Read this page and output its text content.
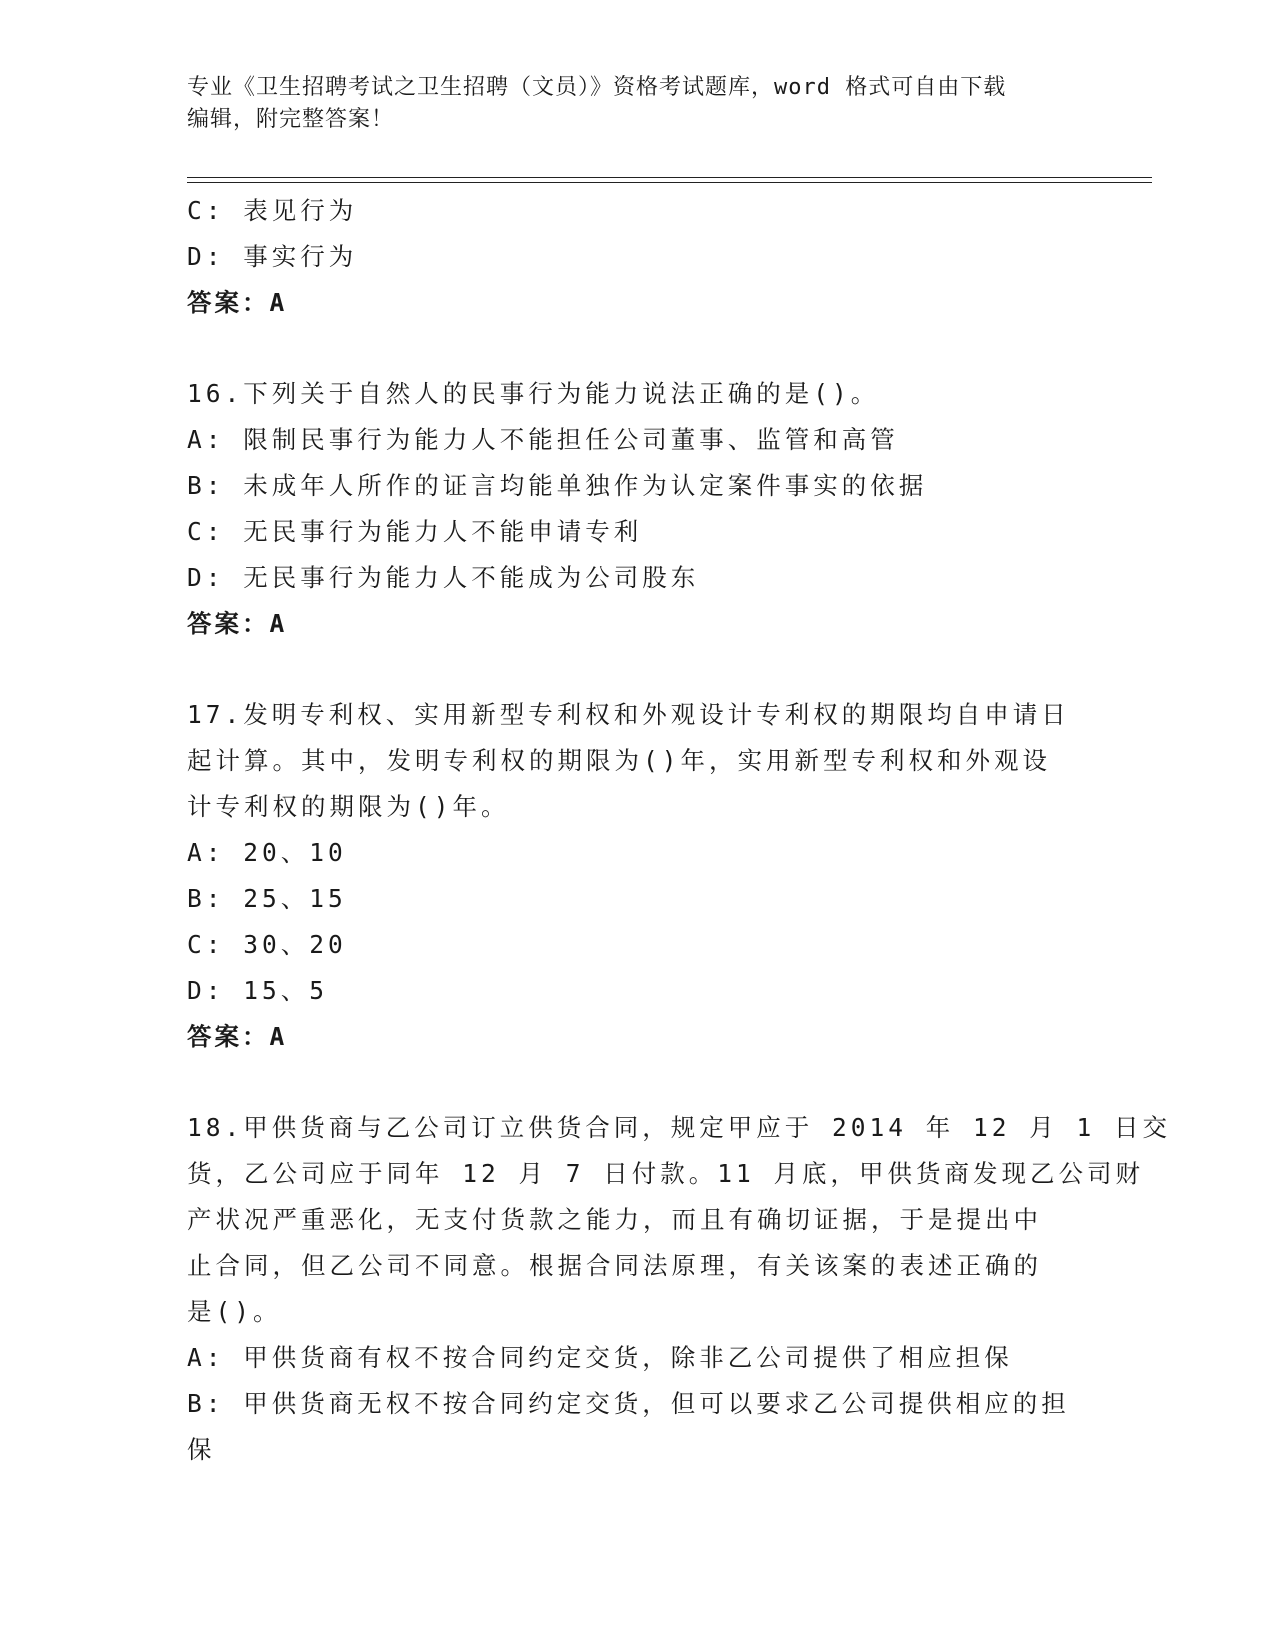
专业《卫生招聘考试之卫生招聘（文员）》资格考试题库，word 格式可自由下载
编辑，附完整答案！
C: 表见行为
D: 事实行为
答案：A
16.下列关于自然人的民事行为能力说法正确的是()。
A: 限制民事行为能力人不能担任公司董事、监管和高管
B: 未成年人所作的证言均能单独作为认定案件事实的依据
C: 无民事行为能力人不能申请专利
D: 无民事行为能力人不能成为公司股东
答案：A
17.发明专利权、实用新型专利权和外观设计专利权的期限均自申请日
起计算。其中，发明专利权的期限为()年，实用新型专利权和外观设
计专利权的期限为()年。
A: 20、10
B: 25、15
C: 30、20
D: 15、5
答案：A
18.甲供货商与乙公司订立供货合同，规定甲应于 2014 年 12 月 1 日交
货，乙公司应于同年 12 月 7 日付款。11 月底，甲供货商发现乙公司财
产状况严重恶化，无支付货款之能力，而且有确切证据，于是提出中
止合同，但乙公司不同意。根据合同法原理，有关该案的表述正确的
是()。
A: 甲供货商有权不按合同约定交货，除非乙公司提供了相应担保
B: 甲供货商无权不按合同约定交货，但可以要求乙公司提供相应的担
保
